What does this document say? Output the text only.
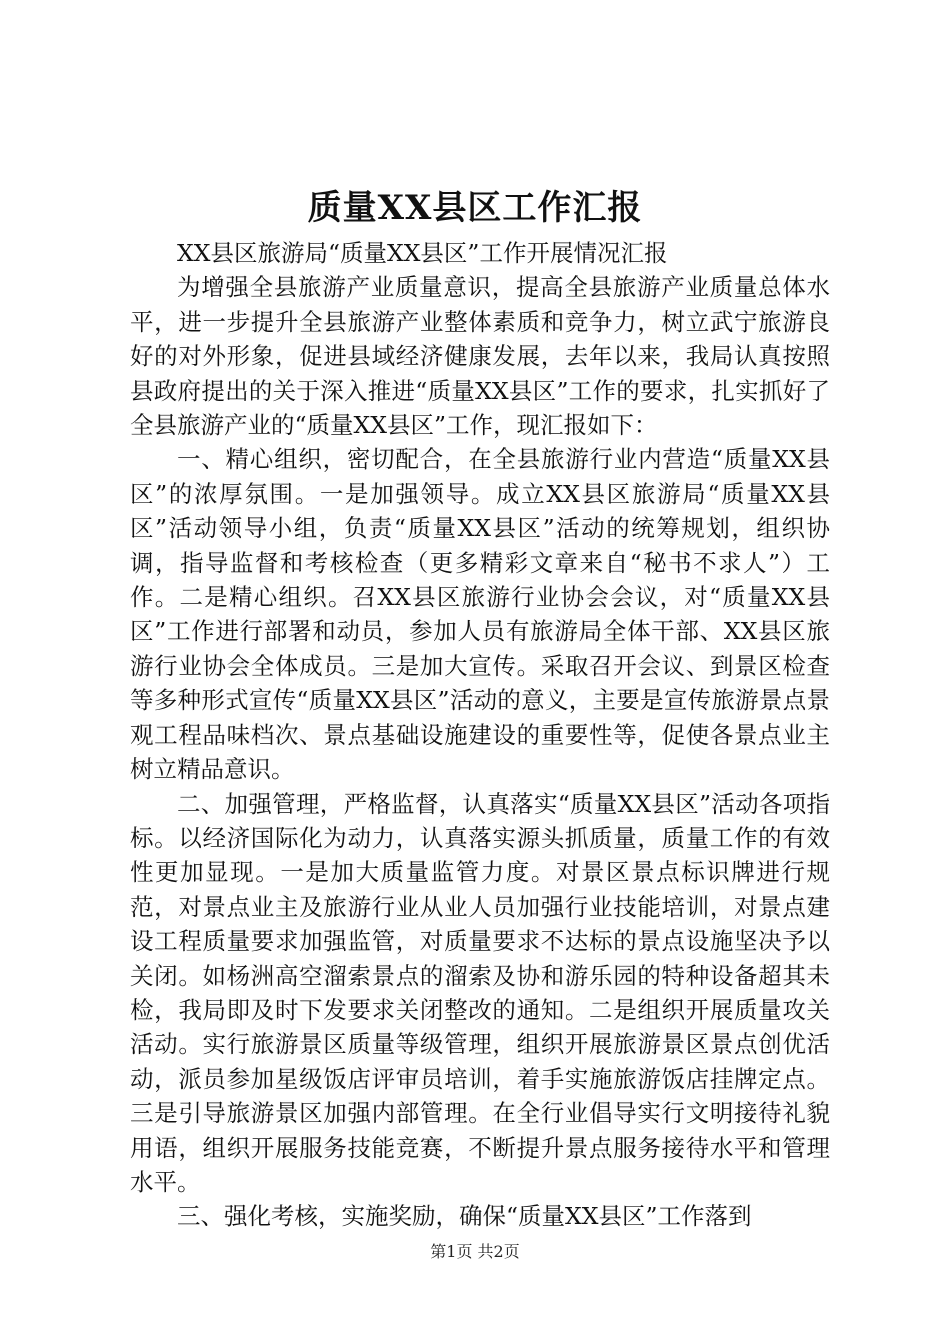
质量XX县区工作汇报

XX县区旅游局“质量XX县区”工作开展情况汇报

为增强全县旅游产业质量意识，提高全县旅游产业质量总体水平，进一步提升全县旅游产业整体素质和竞争力，树立武宁旅游良好的对外形象，促进县域经济健康发展，去年以来，我局认真按照县政府提出的关于深入推进“质量XX县区”工作的要求，扎实抓好了全县旅游产业的“质量XX县区”工作，现汇报如下：

一、精心组织，密切配合，在全县旅游行业内营造“质量XX县区”的浓厚氛围。一是加强领导。成立XX县区旅游局“质量XX县区”活动领导小组，负责“质量XX县区”活动的统筹规划，组织协调，指导监督和考核检查（更多精彩文章来自“秘书不求人”）工作。二是精心组织。召XX县区旅游行业协会会议，对“质量XX县区”工作进行部署和动员，参加人员有旅游局全体干部、XX县区旅游行业协会全体成员。三是加大宣传。采取召开会议、到景区检查等多种形式宣传“质量XX县区”活动的意义，主要是宣传旅游景点景观工程品味档次、景点基础设施建设的重要性等，促使各景点业主树立精品意识。

二、加强管理，严格监督，认真落实“质量XX县区”活动各项指标。以经济国际化为动力，认真落实源头抓质量，质量工作的有效性更加显现。一是加大质量监管力度。对景区景点标识牌进行规范，对景点业主及旅游行业从业人员加强行业技能培训，对景点建设工程质量要求加强监管，对质量要求不达标的景点设施坚决予以关闭。如杨洲高空溜索景点的溜索及协和游乐园的特种设备超其未检，我局即及时下发要求关闭整改的通知。二是组织开展质量攻关活动。实行旅游景区质量等级管理，组织开展旅游景区景点创优活动，派员参加星级饭店评审员培训，着手实施旅游饭店挂牌定点。三是引导旅游景区加强内部管理。在全行业倡导实行文明接待礼貌用语，组织开展服务技能竞赛，不断提升景点服务接待水平和管理水平。

三、强化考核，实施奖励，确保“质量XX县区”工作落到

第1页 共2页
